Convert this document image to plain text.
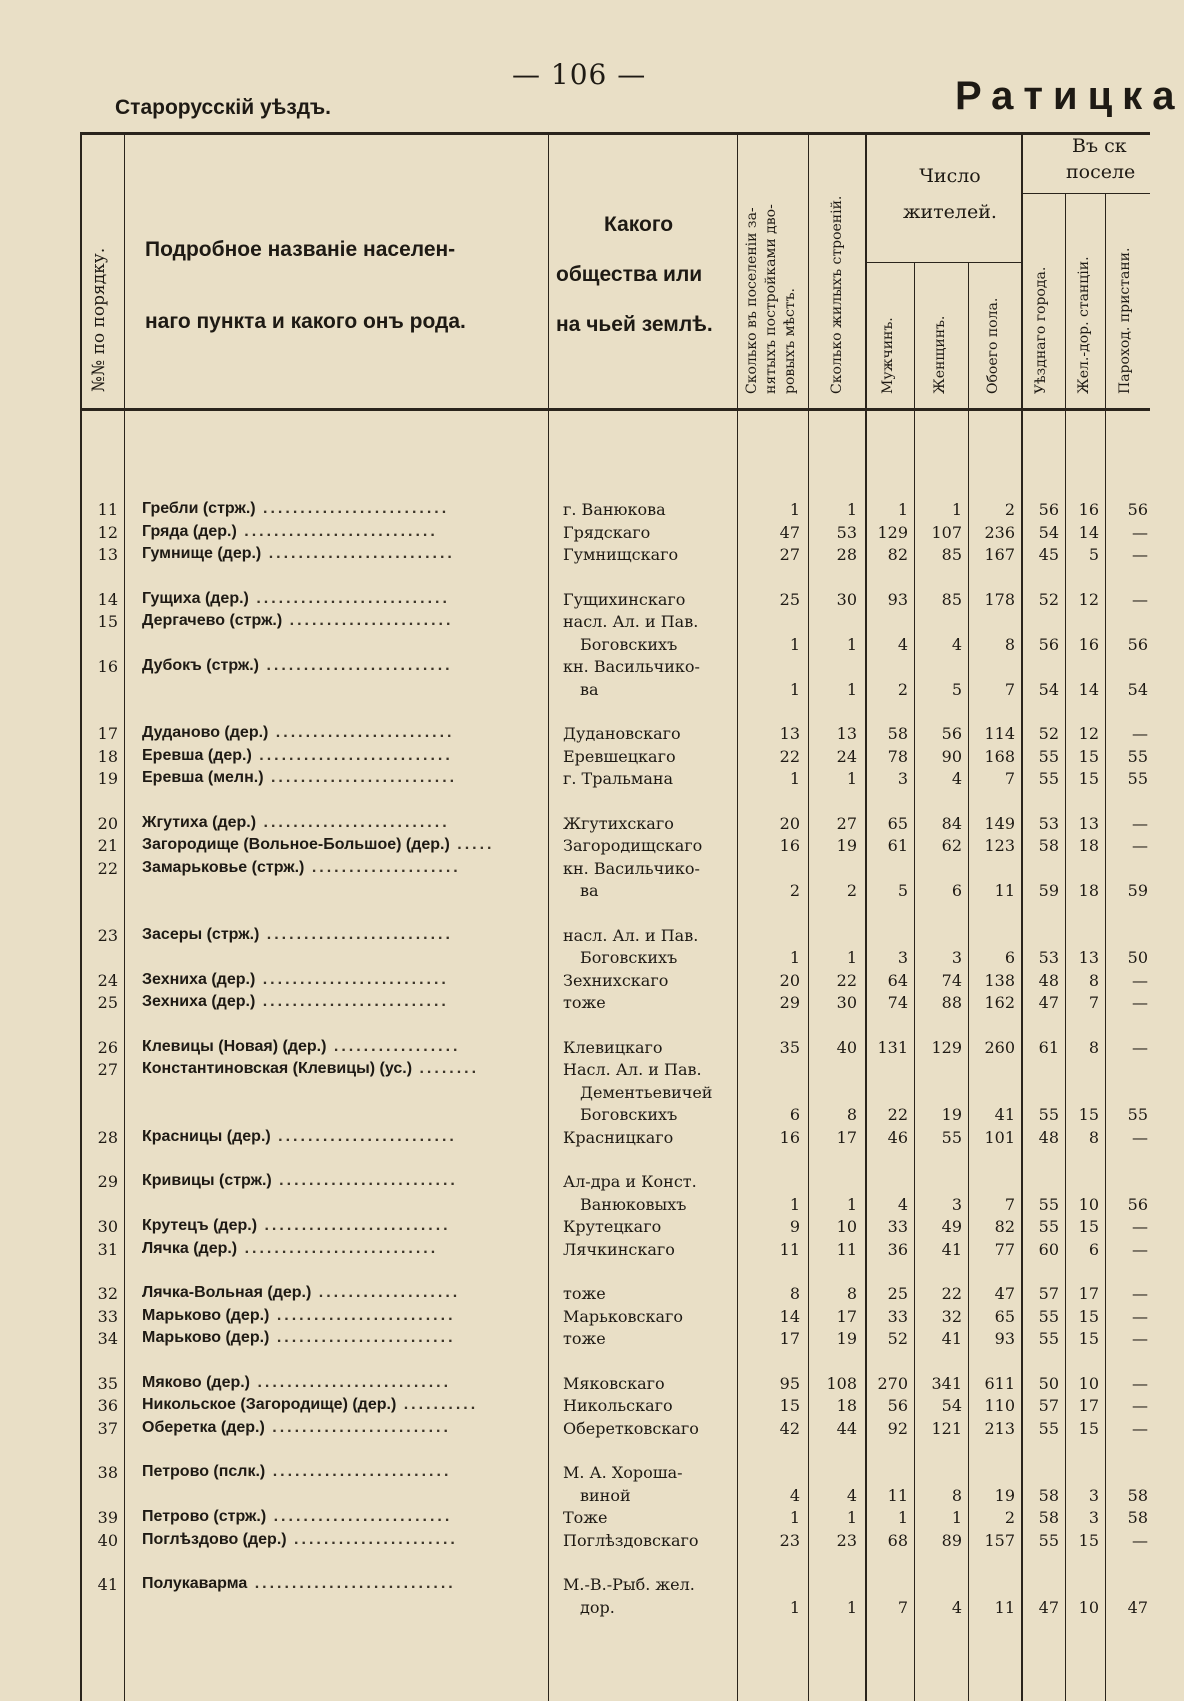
— 106 —
Старорусскій уѣздъ.	Ратицка
№№ по порядку. Подробное названіе населен-
наго пункта и какого онъ рода.
Какого
общества или
на чьей землѣ.	Сколько въ поселеніи за- нятыхъ постройками дво- ровыхъ мѣстъ. Сколько жилыхъ строеній.
Число
жителей.
Мужчинъ.	Женщинъ.	Обоего пола.
Въ ск
поселе
Уѣзднаго города. Жел.-дор. станціи. Пароход. пристани.
11 Гребли (стрж.) .........................	г. Ванюкова	1	1	1	1	2 56 16 56
12 Гряда (дер.) ..........................	Грядскаго	47 53 129 107 236 54 14 —
13 Гумнище (дер.) .........................	Гумнищскаго	27 28 82 85 167 45 5 —
14 Гущиха (дер.) ..........................	Гущихинскаго	25 30 93 85 178 52 12 —
15 Дергачево (стрж.) ......................	насл. Ал. и Пав.
Боговскихъ	1	1	4	4	8 56 16 56
16 Дубокъ (стрж.) .........................	кн. Васильчико-
ва	1	1	2	5	7 54 14 54
17 Дуданово (дер.) ........................	Дудановскаго	13 13 58 56 114 52 12 —
18 Еревша (дер.) ..........................	Еревшецкаго	22 24 78 90 168 55 15 55
19 Еревша (мелн.) .........................	г. Тральмана	1	1	3	4	7 55 15 55
20 Жгутиха (дер.) .........................	Жгутихскаго	20 27 65 84 149 53 13 —
21 Загородище (Вольное-Большое) (дер.) .....	Загородищскаго	16 19 61 62 123 58 18 —
22 Замарьковье (стрж.) ....................	кн. Васильчико-
ва	2	2	5	6 11 59 18 59
23 Засеры (стрж.) .........................	насл. Ал. и Пав.
Боговскихъ	1	1	3	3	6 53 13 50
24 Зехниха (дер.) .........................	Зехнихскаго	20 22 64 74 138 48 8 —
25 Зехниха (дер.) .........................	тоже	29 30 74 88 162 47 7 —
26 Клевицы (Новая) (дер.) .................	Клевицкаго	35 40 131 129 260 61 8 —
27 Константиновская (Клевицы) (ус.) ........	Насл. Ал. и Пав.
Дементьевичей
Боговскихъ	6	8 22 19 41 55 15 55
28 Красницы (дер.) ........................	Красницкаго	16 17 46 55 101 48 8 —
29 Кривицы (стрж.) ........................	Ал-дра и Конст.
Ванюковыхъ	1	1	4	3	7 55 10 56
30 Крутецъ (дер.) .........................	Крутецкаго	9 10 33 49 82 55 15 —
31 Лячка (дер.) ..........................	Лячкинскаго	11 11 36 41 77 60 6 —
32 Лячка-Вольная (дер.) ...................	тоже	8	8 25 22 47 57 17 —
33 Марьково (дер.) ........................	Марьковскаго	14 17 33 32 65 55 15 —
34 Марьково (дер.) ........................	тоже	17 19 52 41 93 55 15 —
35 Мяково (дер.) ..........................	Мяковскаго	95 108 270 341 611 50 10 —
36 Никольское (Загородище) (дер.) ..........	Никольскаго	15 18 56 54 110 57 17 —
37 Оберетка (дер.) ........................	Оберетковскаго	42 44 92 121 213 55 15 —
38 Петрово (пслк.) ........................	М. А. Хороша-
виной	4	4 11	8 19 58 3 58
39 Петрово (стрж.) ........................	Тоже	1	1	1	1	2 58 3 58
40 Поглѣздово (дер.) ......................	Поглѣздовскаго	23 23 68 89 157 55 15 —
41 Полукаварма ...........................	М.-В.-Рыб. жел.
дор.	1	1	7	4 11 47 10 47
